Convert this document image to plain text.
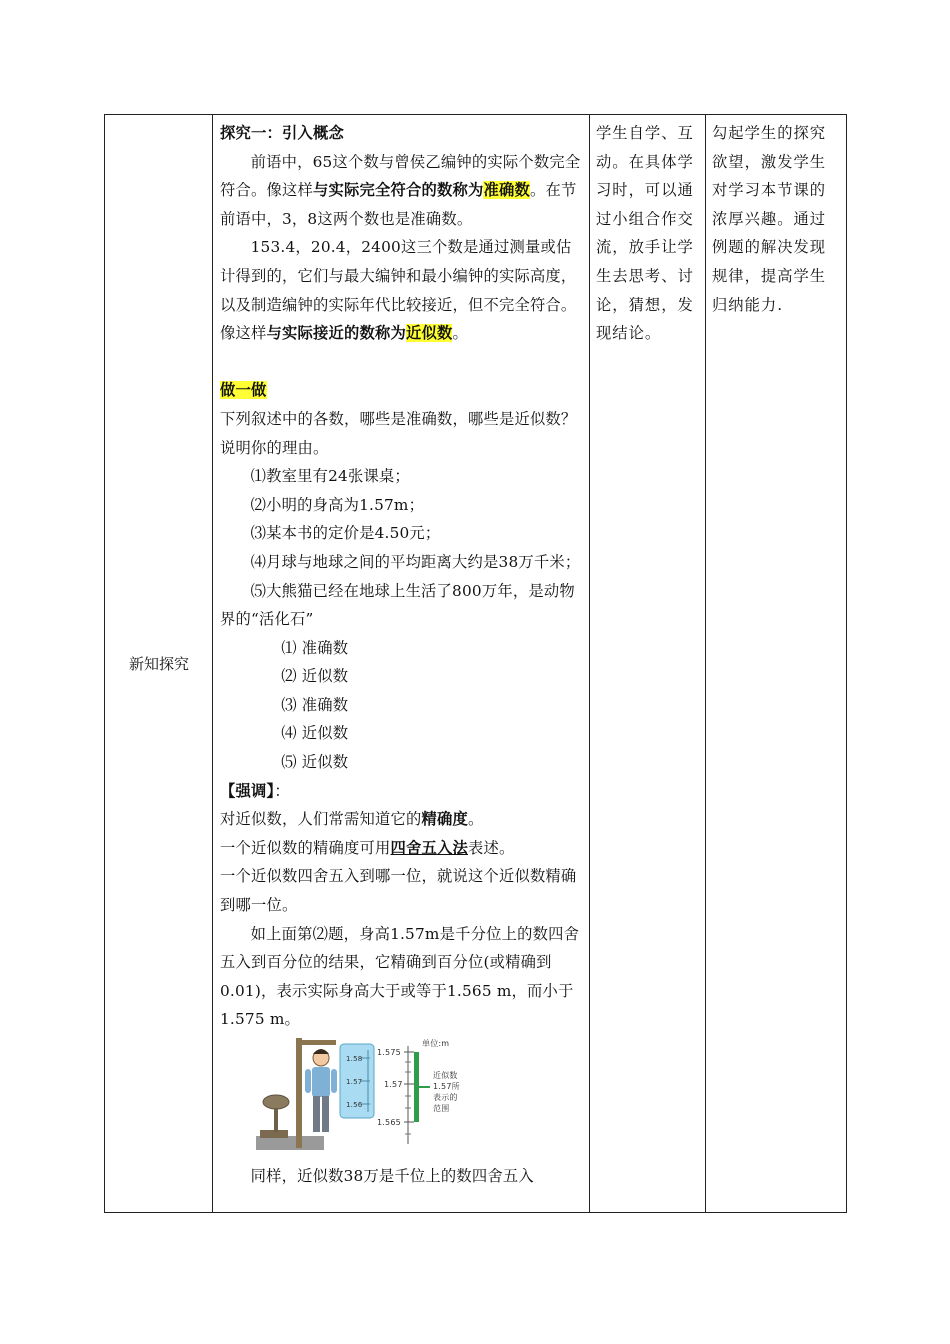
新知探究

探究一：引入概念

前语中，65这个数与曾侯乙编钟的实际个数完全符合。像这样与实际完全符合的数称为准确数。在节前语中，3，8这两个数也是准确数。

153.4，20.4，2400这三个数是通过测量或估计得到的，它们与最大编钟和最小编钟的实际高度，以及制造编钟的实际年代比较接近，但不完全符合。像这样与实际接近的数称为近似数。

做一做

下列叙述中的各数，哪些是准确数，哪些是近似数？说明你的理由。

⑴教室里有24张课桌；

⑵小明的身高为1.57m；

⑶某本书的定价是4.50元；

⑷月球与地球之间的平均距离大约是38万千米；

⑸大熊猫已经在地球上生活了800万年，是动物界的“活化石”

⑴ 准确数

⑵ 近似数

⑶ 准确数

⑷ 近似数

⑸ 近似数

【强调】：

对近似数，人们常需知道它的精确度。

一个近似数的精确度可用四舍五入法表述。

一个近似数四舍五入到哪一位，就说这个近似数精确到哪一位。

如上面第⑵题，身高1.57m是千分位上的数四舍五入到百分位的结果，它精确到百分位(或精确到0.01)，表示实际身高大于或等于1.565 m，而小于1.575 m。

1.58
1.57
1.56
1.575
1.57
1.565
单位:m
近似数
1.57所
表示的
范围

同样，近似数38万是千位上的数四舍五入

学生自学、互动。在具体学习时，可以通过小组合作交流，放手让学生去思考、讨论，猜想，发现结论。

勾起学生的探究欲望，激发学生对学习本节课的浓厚兴趣。通过例题的解决发现规律，提高学生归纳能力.
